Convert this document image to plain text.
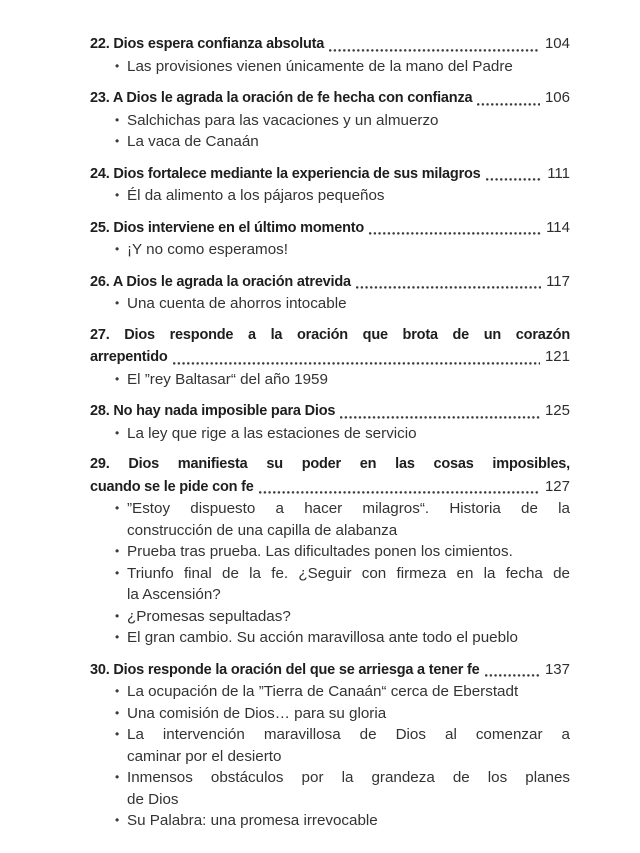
22. Dios espera confianza absoluta	104
• Las provisiones vienen únicamente de la mano del Padre
23. A Dios le agrada la oración de fe hecha con confianza	106
• Salchichas para las vacaciones y un almuerzo
• La vaca de Canaán
24. Dios fortalece mediante la experiencia de sus milagros	111
• Él da alimento a los pájaros pequeños
25. Dios interviene en el último momento	114
• ¡Y no como esperamos!
26. A Dios le agrada la oración atrevida	117
• Una cuenta de ahorros intocable
27. Dios responde a la oración que brota de un corazón
arrepentido	121
• El ”rey Baltasar“ del año 1959
28. No hay nada imposible para Dios	125
• La ley que rige a las estaciones de servicio
29. Dios manifiesta su poder en las cosas imposibles,
cuando se le pide con fe	127
• ”Estoy dispuesto a hacer milagros“. Historia de la
construcción de una capilla de alabanza
• Prueba tras prueba. Las dificultades ponen los cimientos.
• Triunfo final de la fe. ¿Seguir con firmeza en la fecha de
la Ascensión?
• ¿Promesas sepultadas?
• El gran cambio. Su acción maravillosa ante todo el pueblo
30. Dios responde la oración del que se arriesga a tener fe	137
• La ocupación de la ”Tierra de Canaán“ cerca de Eberstadt
• Una comisión de Dios… para su gloria
• La intervención maravillosa de Dios al comenzar a
caminar por el desierto
• Inmensos obstáculos por la grandeza de los planes
de Dios
• Su Palabra: una promesa irrevocable
